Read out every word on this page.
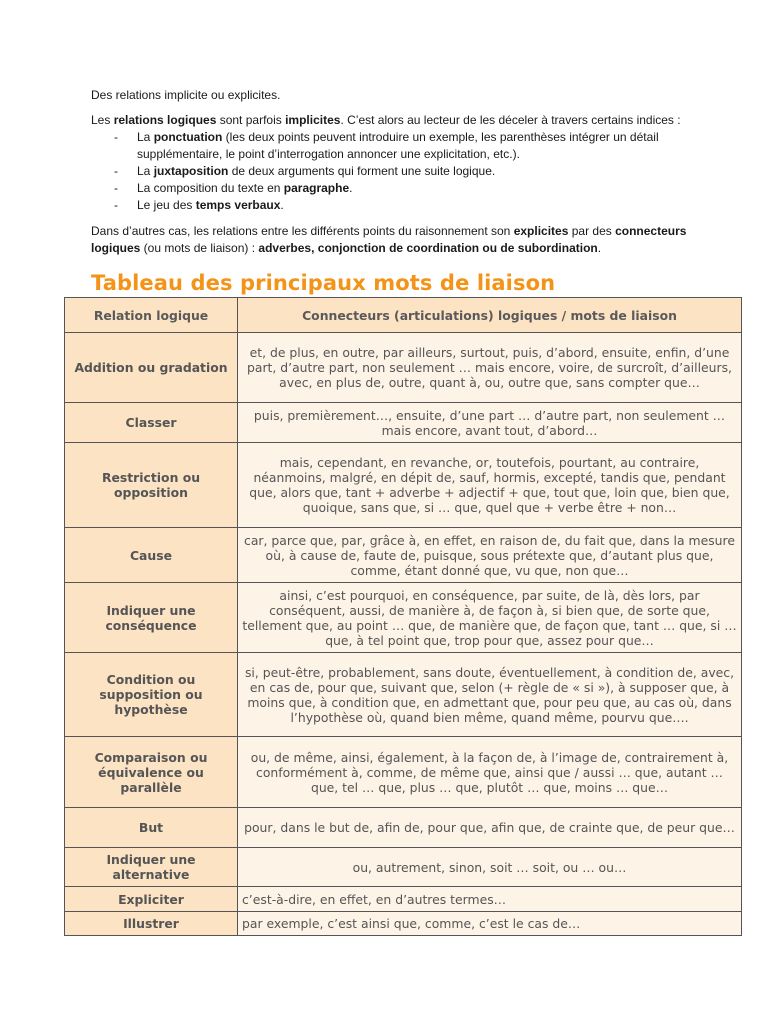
Des relations implicite ou explicites.

Les relations logiques sont parfois implicites. C’est alors au lecteur de les déceler à travers certains indices :

- La ponctuation (les deux points peuvent introduire un exemple, les parenthèses intégrer un détail supplémentaire, le point d’interrogation annoncer une explicitation, etc.).
- La juxtaposition de deux arguments qui forment une suite logique.
- La composition du texte en paragraphe.
- Le jeu des temps verbaux.

Dans d’autres cas, les relations entre les différents points du raisonnement son explicites par des connecteurs logiques (ou mots de liaison) : adverbes, conjonction de coordination ou de subordination.

Tableau des principaux mots de liaison
Relation logique	Connecteurs (articulations) logiques / mots de liaison
Addition ou gradation	et, de plus, en outre, par ailleurs, surtout, puis, d’abord, ensuite, enfin, d’une part, d’autre part, non seulement … mais encore, voire, de surcroît, d’ailleurs, avec, en plus de, outre, quant à, ou, outre que, sans compter que…
Classer	puis, premièrement…, ensuite, d’une part … d’autre part, non seulement … mais encore, avant tout, d’abord…
Restriction ou opposition	mais, cependant, en revanche, or, toutefois, pourtant, au contraire, néanmoins, malgré, en dépit de, sauf, hormis, excepté, tandis que, pendant que, alors que, tant + adverbe + adjectif + que, tout que, loin que, bien que, quoique, sans que, si … que, quel que + verbe être + non…
Cause	car, parce que, par, grâce à, en effet, en raison de, du fait que, dans la mesure où, à cause de, faute de, puisque, sous prétexte que, d’autant plus que, comme, étant donné que, vu que, non que…
Indiquer une conséquence	ainsi, c’est pourquoi, en conséquence, par suite, de là, dès lors, par conséquent, aussi, de manière à, de façon à, si bien que, de sorte que, tellement que, au point … que, de manière que, de façon que, tant … que, si … que, à tel point que, trop pour que, assez pour que…
Condition ou supposition ou hypothèse	si, peut-être, probablement, sans doute, éventuellement, à condition de, avec, en cas de, pour que, suivant que, selon (+ règle de « si »), à supposer que, à moins que, à condition que, en admettant que, pour peu que, au cas où, dans l’hypothèse où, quand bien même, quand même, pourvu que….
Comparaison ou équivalence ou parallèle	ou, de même, ainsi, également, à la façon de, à l’image de, contrairement à, conformément à, comme, de même que, ainsi que / aussi … que, autant … que, tel … que, plus … que, plutôt … que, moins … que…
But	pour, dans le but de, afin de, pour que, afin que, de crainte que, de peur que…
Indiquer une alternative	ou, autrement, sinon, soit … soit, ou … ou…
Expliciter	c’est-à-dire, en effet, en d’autres termes…
Illustrer	par exemple, c’est ainsi que, comme, c’est le cas de…
